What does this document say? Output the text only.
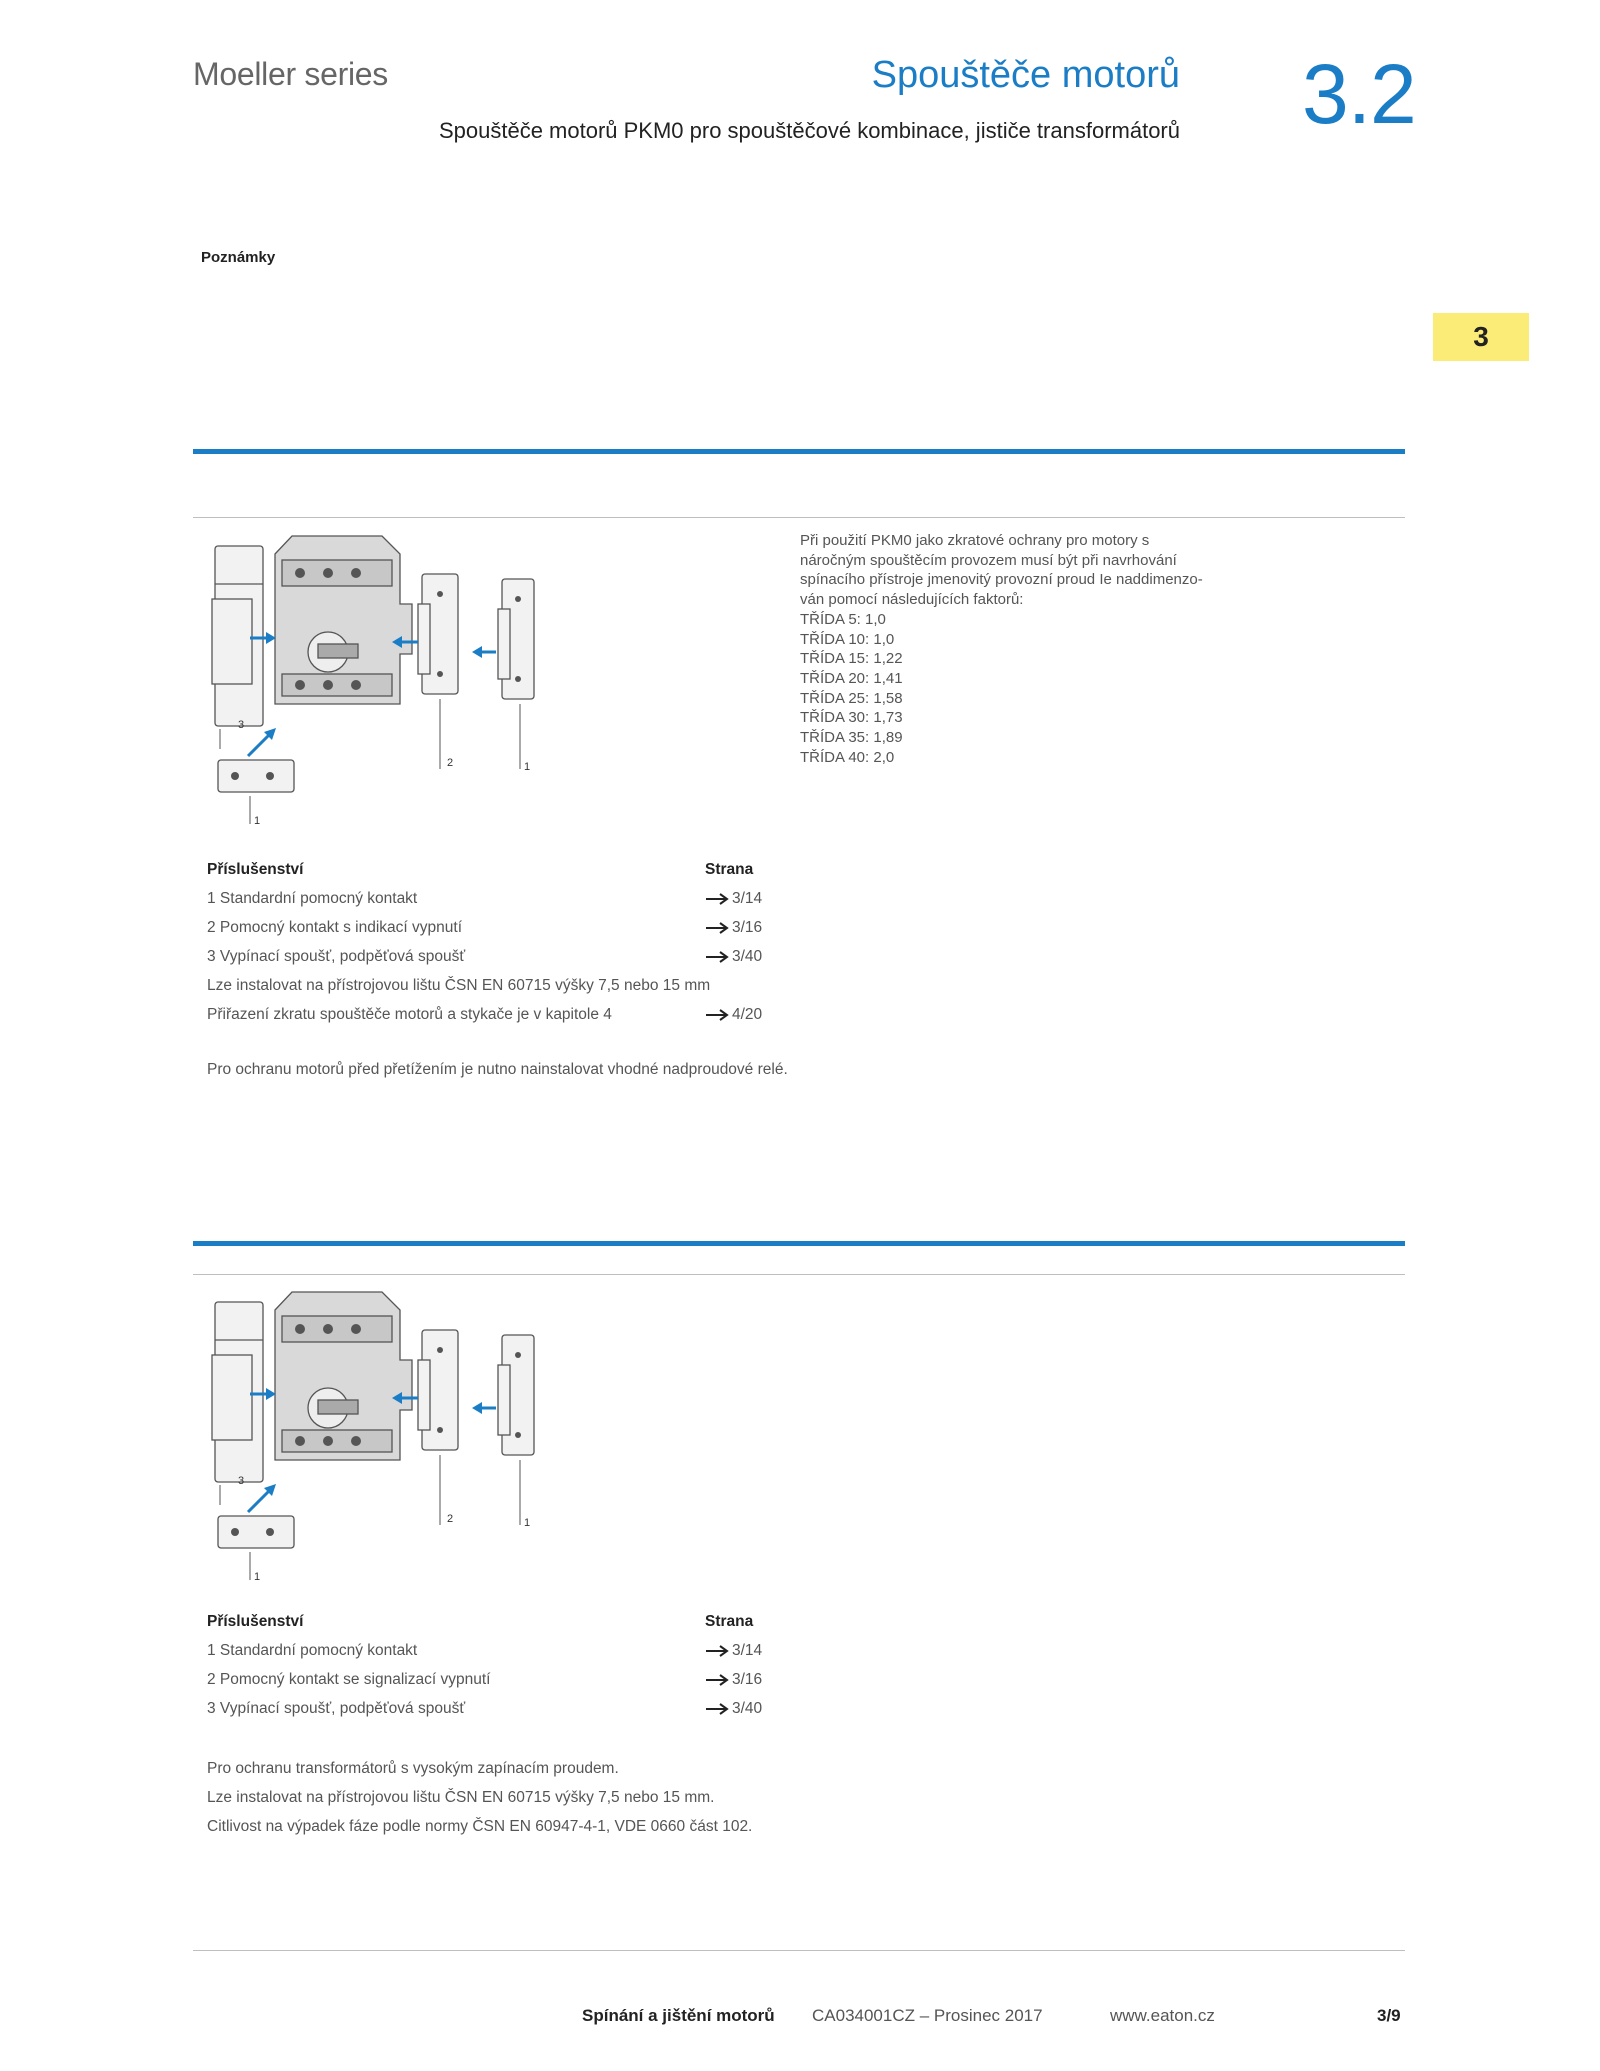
Moeller series	Spouštěče motorů
Spouštěče motorů PKM0 pro spouštěčové kombinace, jističe transformátorů 3.2
3
Poznámky
3
2	1
1
Při použití PKM0 jako zkratové ochrany pro motory s
náročným spouštěcím provozem musí být při navrhování
spínacího přístroje jmenovitý provozní proud Ie naddimenzo-
ván pomocí následujících faktorů:
TŘÍDA 5: 1,0
TŘÍDA 10: 1,0
TŘÍDA 15: 1,22
TŘÍDA 20: 1,41
TŘÍDA 25: 1,58
TŘÍDA 30: 1,73
TŘÍDA 35: 1,89
TŘÍDA 40: 2,0
Příslušenství	Strana
1 Standardní pomocný kontakt	3/14
2 Pomocný kontakt s indikací vypnutí	3/16
3 Vypínací spoušť, podpěťová spoušť	3/40
Lze instalovat na přístrojovou lištu ČSN EN 60715 výšky 7,5 nebo 15 mm
Přiřazení zkratu spouštěče motorů a stykače je v kapitole 4	4/20
Pro ochranu motorů před přetížením je nutno nainstalovat vhodné nadproudové relé.
3
2	1
1
Příslušenství	Strana
1 Standardní pomocný kontakt	3/14
2 Pomocný kontakt se signalizací vypnutí	3/16
3 Vypínací spoušť, podpěťová spoušť	3/40
Pro ochranu transformátorů s vysokým zapínacím proudem.
Lze instalovat na přístrojovou lištu ČSN EN 60715 výšky 7,5 nebo 15 mm.
Citlivost na výpadek fáze podle normy ČSN EN 60947-4-1, VDE 0660 část 102.
Spínání a jištění motorů CA034001CZ – Prosinec 2017	www.eaton.cz	3/9
